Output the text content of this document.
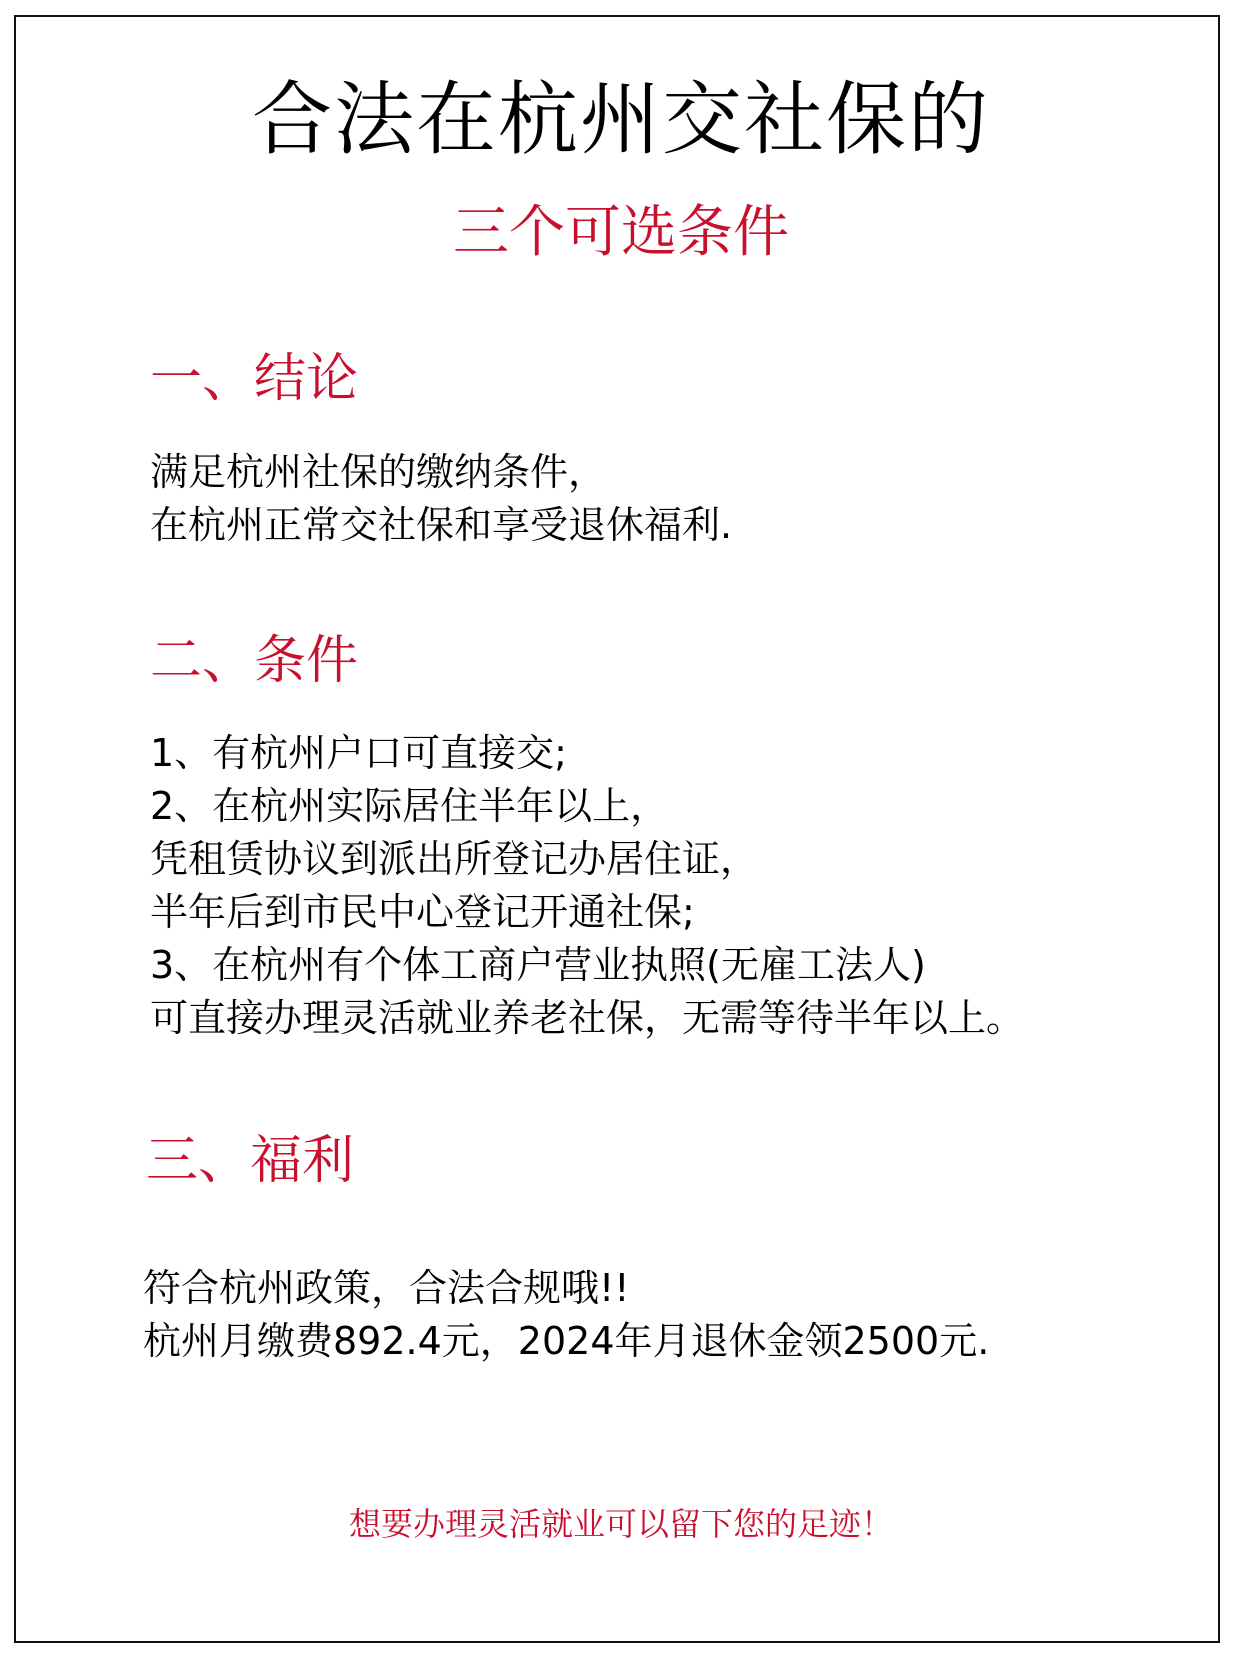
合法在杭州交社保的
三个可选条件
一、结论
满足杭州社保的缴纳条件，
在杭州正常交社保和享受退休福利.
二、条件
1、有杭州户口可直接交;
2、在杭州实际居住半年以上，
凭租赁协议到派出所登记办居住证，
半年后到市民中心登记开通社保;
3、在杭州有个体工商户营业执照(无雇工法人)
可直接办理灵活就业养老社保，无需等待半年以上。
三、福利
符合杭州政策，合法合规哦!!
杭州月缴费892.4元，2024年月退休金领2500元.
想要办理灵活就业可以留下您的足迹！
